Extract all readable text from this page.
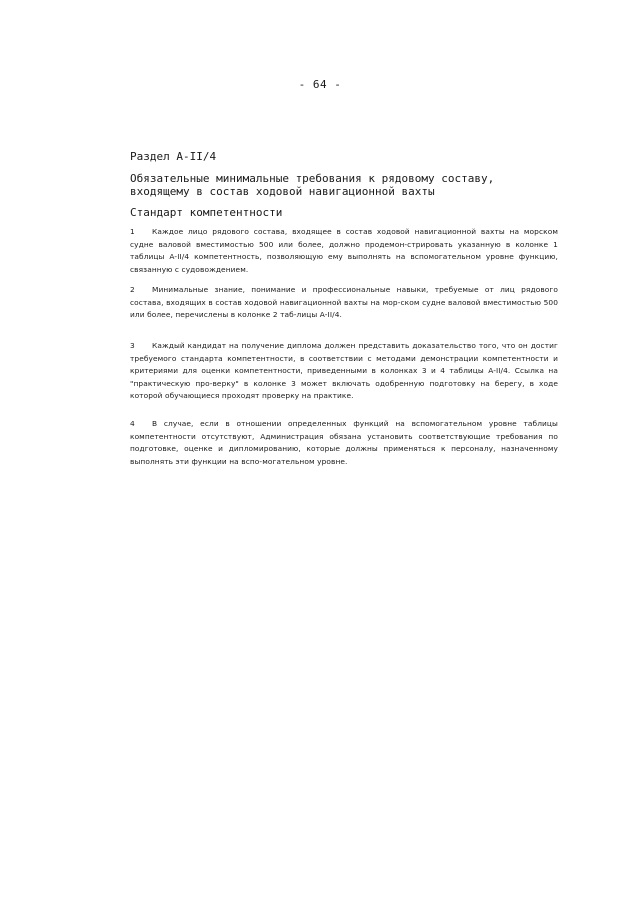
- 64 -
Раздел A-II/4
Обязательные минимальные требования к рядовому составу,
входящему в состав ходовой навигационной вахты
Стандарт компетентности
1 Каждое лицо рядового состава, входящее в состав ходовой навигационной вахты на морском судне валовой вместимостью 500 или более, должно продемон-стрировать указанную в колонке 1 таблицы A-II/4 компетентность, позволяющую ему выполнять на вспомогательном уровне функцию, связанную с судовождением.
2 Минимальные знание, понимание и профессиональные навыки, требуемые от лиц рядового состава, входящих в состав ходовой навигационной вахты на мор-ском судне валовой вместимостью 500 или более, перечислены в колонке 2 таб-лицы A-II/4.
3 Каждый кандидат на получение диплома должен представить доказательство того, что он достиг требуемого стандарта компетентности, в соответствии с методами демонстрации компетентности и критериями для оценки компетентности, приведенными в колонках 3 и 4 таблицы A-II/4. Ссылка на "практическую про-верку" в колонке 3 может включать одобренную подготовку на берегу, в ходе которой обучающиеся проходят проверку на практике.
4 В случае, если в отношении определенных функций на вспомогательном уровне таблицы компетентности отсутствуют, Администрация обязана установить соответствующие требования по подготовке, оценке и дипломированию, которые должны применяться к персоналу, назначенному выполнять эти функции на вспо-могательном уровне.
